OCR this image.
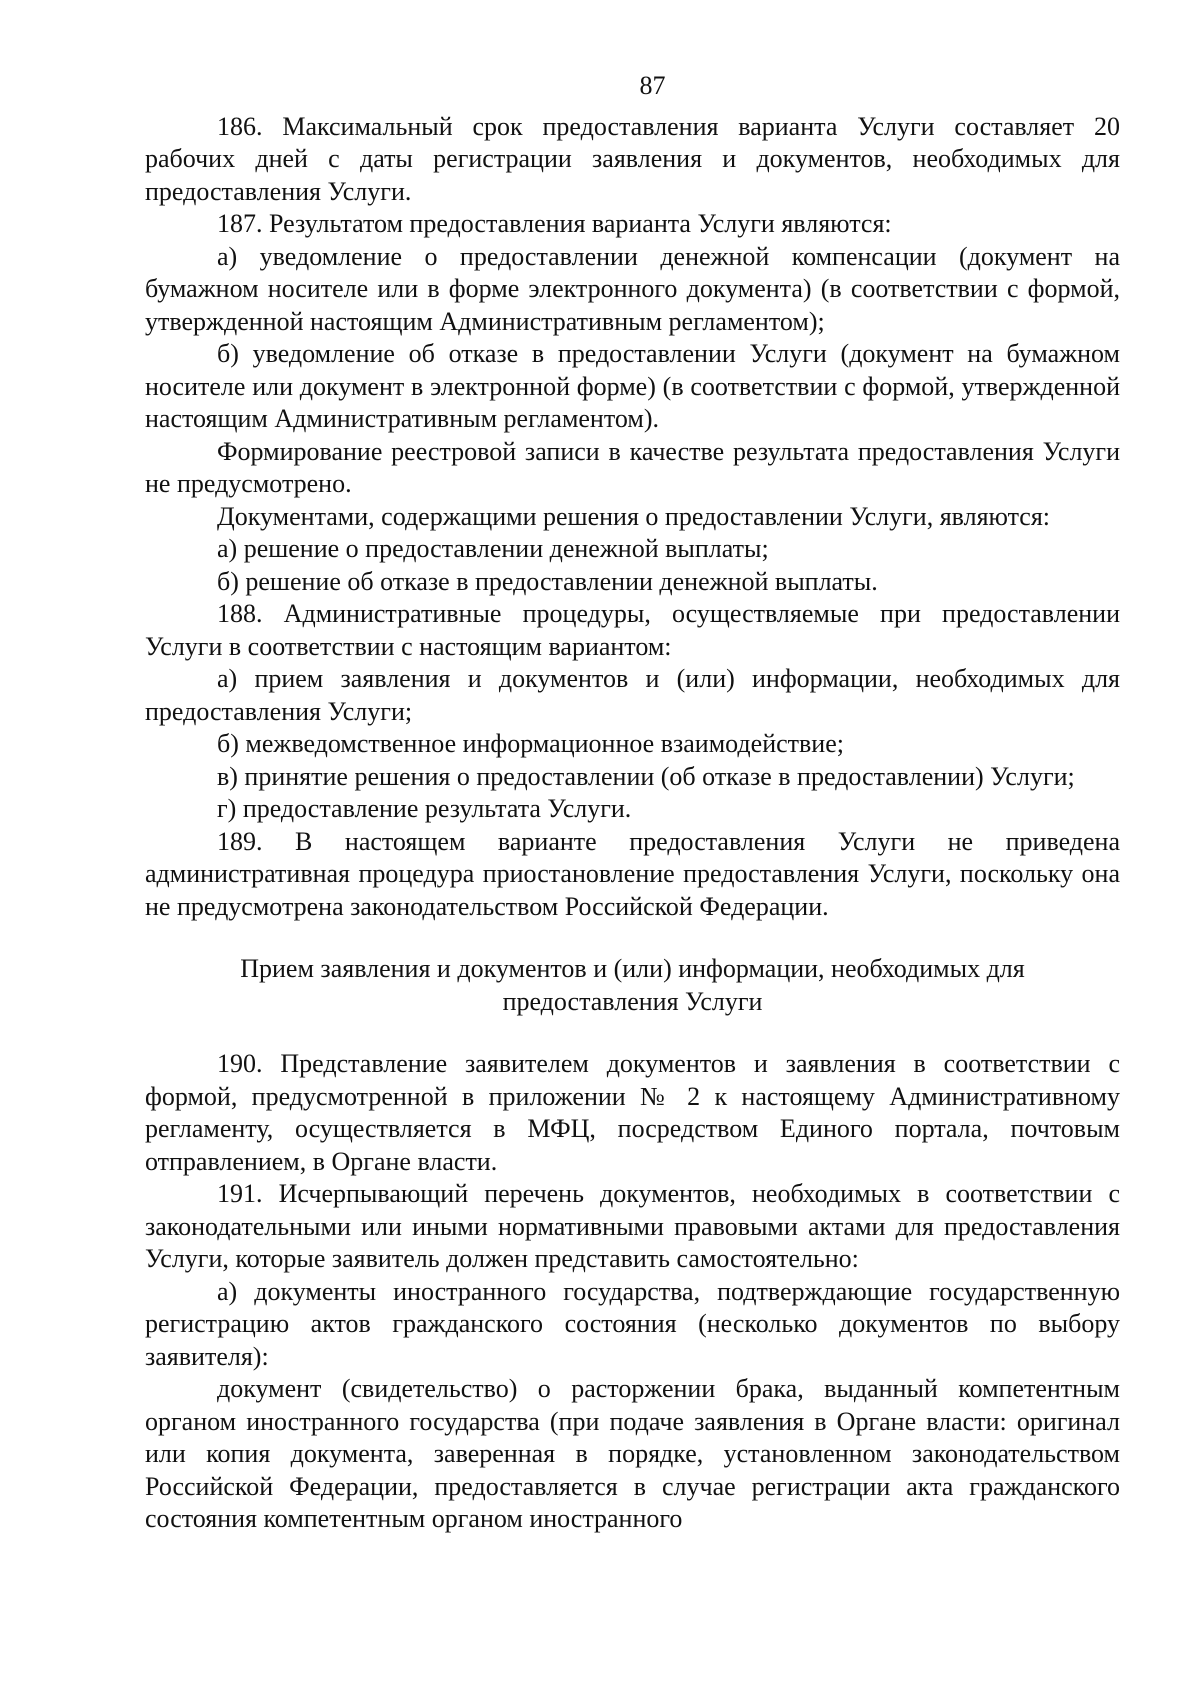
87

186. Максимальный срок предоставления варианта Услуги составляет 20 рабочих дней с даты регистрации заявления и документов, необходимых для предоставления Услуги.

187. Результатом предоставления варианта Услуги являются:

а) уведомление о предоставлении денежной компенсации (документ на бумажном носителе или в форме электронного документа) (в соответствии с формой, утвержденной настоящим Административным регламентом);

б) уведомление об отказе в предоставлении Услуги (документ на бумажном носителе или документ в электронной форме) (в соответствии с формой, утвержденной настоящим Административным регламентом).

Формирование реестровой записи в качестве результата предоставления Услуги не предусмотрено.

Документами, содержащими решения о предоставлении Услуги, являются:

а) решение о предоставлении денежной выплаты;

б) решение об отказе в предоставлении денежной выплаты.

188. Административные процедуры, осуществляемые при предоставлении Услуги в соответствии с настоящим вариантом:

а) прием заявления и документов и (или) информации, необходимых для предоставления Услуги;

б) межведомственное информационное взаимодействие;

в) принятие решения о предоставлении (об отказе в предоставлении) Услуги;

г) предоставление результата Услуги.

189. В настоящем варианте предоставления Услуги не приведена административная процедура приостановление предоставления Услуги, поскольку она не предусмотрена законодательством Российской Федерации.

Прием заявления и документов и (или) информации, необходимых для предоставления Услуги

190. Представление заявителем документов и заявления в соответствии с формой, предусмотренной в приложении № 2 к настоящему Административному регламенту, осуществляется в МФЦ, посредством Единого портала, почтовым отправлением, в Органе власти.

191. Исчерпывающий перечень документов, необходимых в соответствии с законодательными или иными нормативными правовыми актами для предоставления Услуги, которые заявитель должен представить самостоятельно:

а) документы иностранного государства, подтверждающие государственную регистрацию актов гражданского состояния (несколько документов по выбору заявителя):

документ (свидетельство) о расторжении брака, выданный компетентным органом иностранного государства (при подаче заявления в Органе власти: оригинал или копия документа, заверенная в порядке, установленном законодательством Российской Федерации, предоставляется в случае регистрации акта гражданского состояния компетентным органом иностранного
